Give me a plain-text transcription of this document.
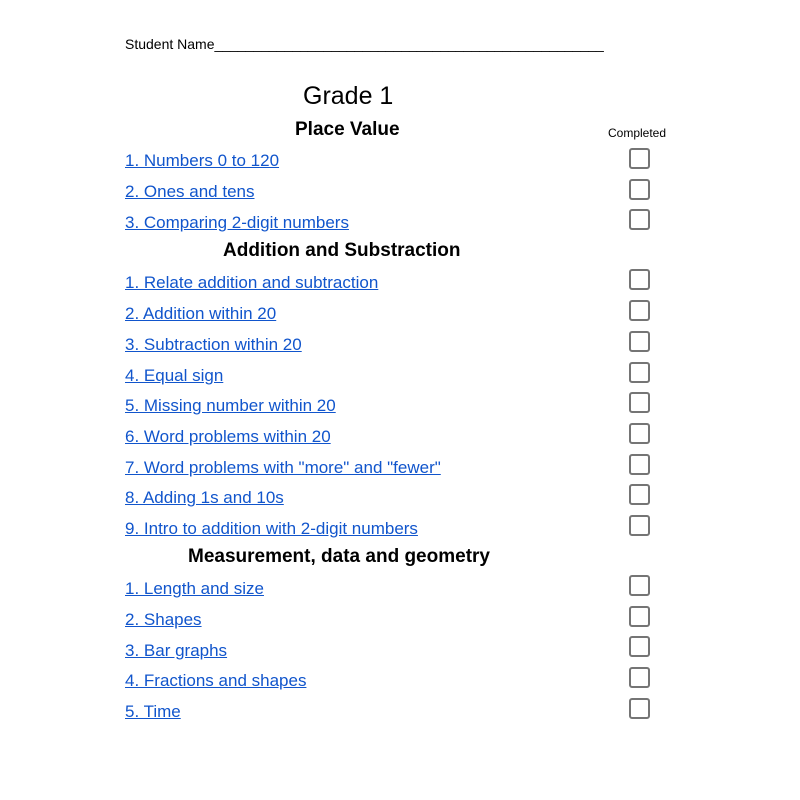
Student Name__________________________________________________
Grade 1
Completed
Place Value
1. Numbers 0 to 120
2. Ones and tens
3. Comparing 2-digit numbers
Addition and Substraction
1. Relate addition and subtraction
2. Addition within 20
3. Subtraction within 20
4. Equal sign
5. Missing number within 20
6. Word problems within 20
7. Word problems with "more" and "fewer"
8. Adding 1s and 10s
9. Intro to addition with 2-digit numbers
Measurement, data and geometry
1. Length and size
2. Shapes
3. Bar graphs
4. Fractions and shapes
5. Time
